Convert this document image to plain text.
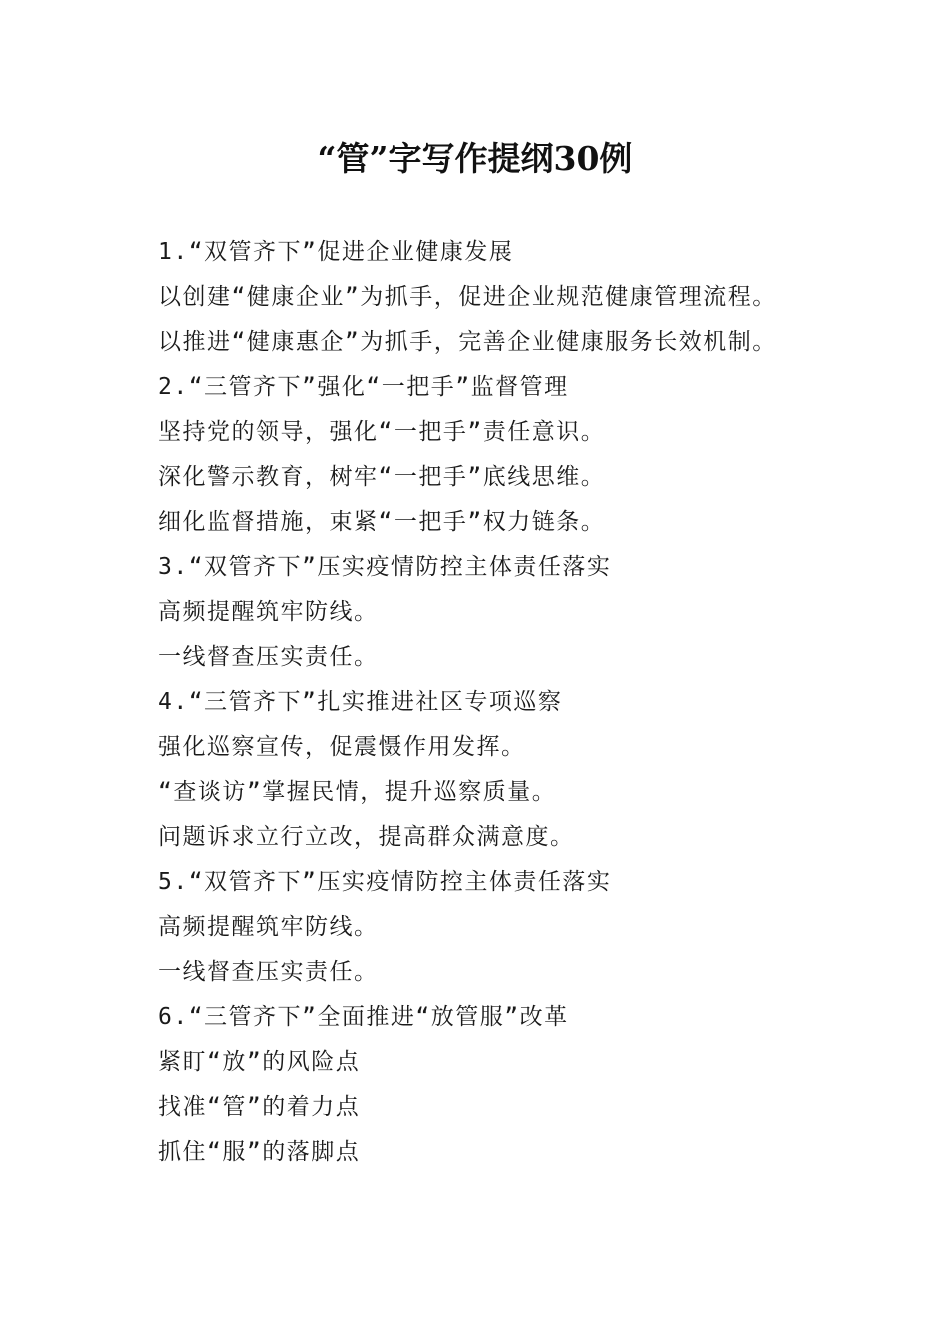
“管”字写作提纲30例
1.“双管齐下”促进企业健康发展
以创建“健康企业”为抓手，促进企业规范健康管理流程。
以推进“健康惠企”为抓手，完善企业健康服务长效机制。
2.“三管齐下”强化“一把手”监督管理
坚持党的领导，强化“一把手”责任意识。
深化警示教育，树牢“一把手”底线思维。
细化监督措施，束紧“一把手”权力链条。
3.“双管齐下”压实疫情防控主体责任落实
高频提醒筑牢防线。
一线督查压实责任。
4.“三管齐下”扎实推进社区专项巡察
强化巡察宣传，促震慑作用发挥。
“查谈访”掌握民情，提升巡察质量。
问题诉求立行立改，提高群众满意度。
5.“双管齐下”压实疫情防控主体责任落实
高频提醒筑牢防线。
一线督查压实责任。
6.“三管齐下”全面推进“放管服”改革
紧盯“放”的风险点
找准“管”的着力点
抓住“服”的落脚点
